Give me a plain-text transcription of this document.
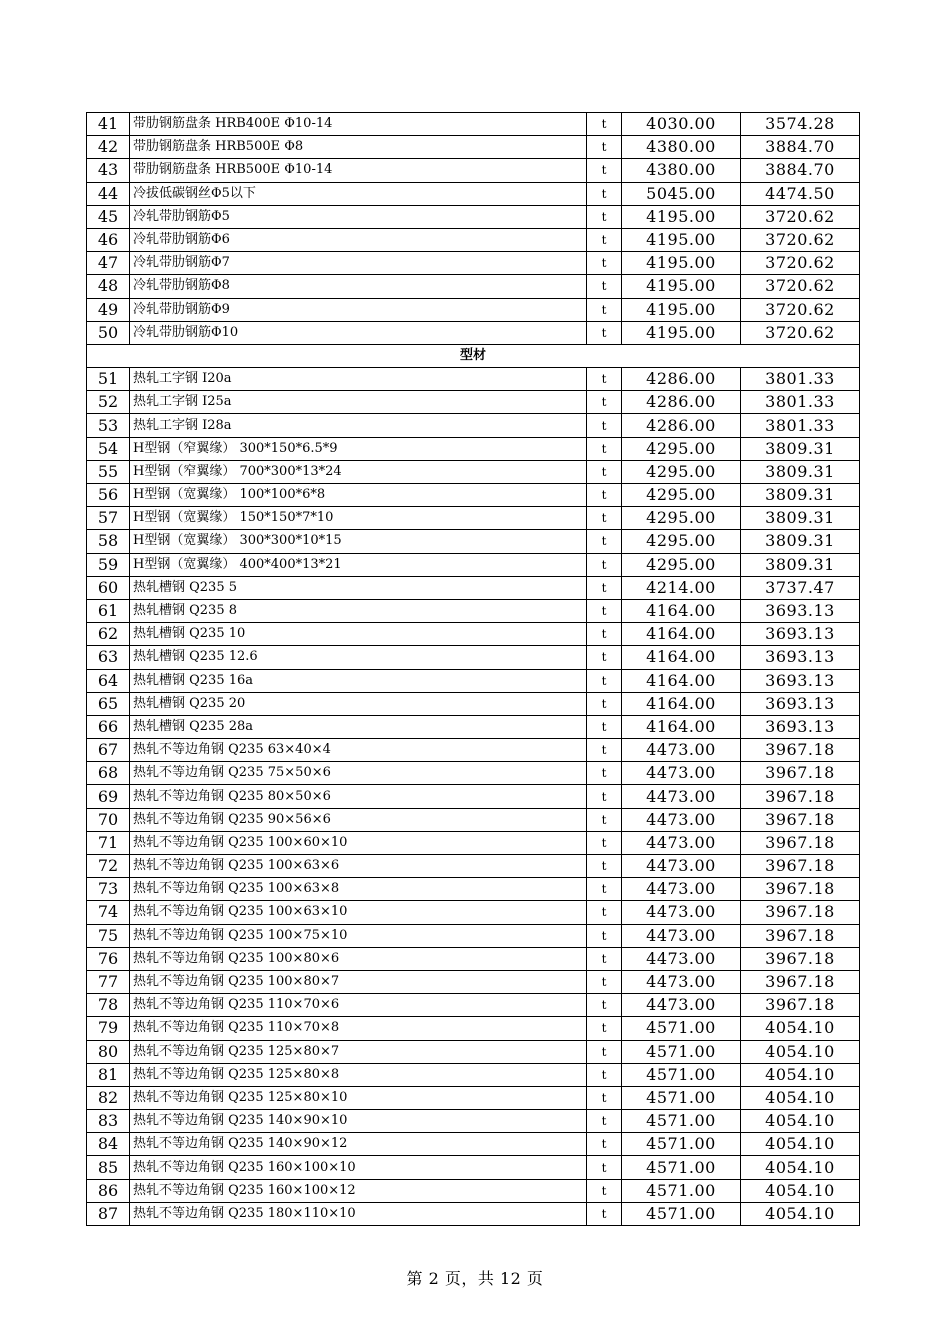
41	带肋钢筋盘条 HRB400E Φ10-14	t	4030.00	3574.28
42	带肋钢筋盘条 HRB500E Φ8	t	4380.00	3884.70
43	带肋钢筋盘条 HRB500E Φ10-14	t	4380.00	3884.70
44	冷拔低碳钢丝Φ5以下	t	5045.00	4474.50
45	冷轧带肋钢筋Φ5	t	4195.00	3720.62
46	冷轧带肋钢筋Φ6	t	4195.00	3720.62
47	冷轧带肋钢筋Φ7	t	4195.00	3720.62
48	冷轧带肋钢筋Φ8	t	4195.00	3720.62
49	冷轧带肋钢筋Φ9	t	4195.00	3720.62
50	冷轧带肋钢筋Φ10	t	4195.00	3720.62
型材				
51	热轧工字钢 I20a	t	4286.00	3801.33
52	热轧工字钢 I25a	t	4286.00	3801.33
53	热轧工字钢 I28a	t	4286.00	3801.33
54	H型钢（窄翼缘） 300*150*6.5*9	t	4295.00	3809.31
55	H型钢（窄翼缘） 700*300*13*24	t	4295.00	3809.31
56	H型钢（宽翼缘） 100*100*6*8	t	4295.00	3809.31
57	H型钢（宽翼缘） 150*150*7*10	t	4295.00	3809.31
58	H型钢（宽翼缘） 300*300*10*15	t	4295.00	3809.31
59	H型钢（宽翼缘） 400*400*13*21	t	4295.00	3809.31
60	热轧槽钢 Q235 5	t	4214.00	3737.47
61	热轧槽钢 Q235 8	t	4164.00	3693.13
62	热轧槽钢 Q235 10	t	4164.00	3693.13
63	热轧槽钢 Q235 12.6	t	4164.00	3693.13
64	热轧槽钢 Q235 16a	t	4164.00	3693.13
65	热轧槽钢 Q235 20	t	4164.00	3693.13
66	热轧槽钢 Q235 28a	t	4164.00	3693.13
67	热轧不等边角钢 Q235 63×40×4	t	4473.00	3967.18
68	热轧不等边角钢 Q235 75×50×6	t	4473.00	3967.18
69	热轧不等边角钢 Q235 80×50×6	t	4473.00	3967.18
70	热轧不等边角钢 Q235 90×56×6	t	4473.00	3967.18
71	热轧不等边角钢 Q235 100×60×10	t	4473.00	3967.18
72	热轧不等边角钢 Q235 100×63×6	t	4473.00	3967.18
73	热轧不等边角钢 Q235 100×63×8	t	4473.00	3967.18
74	热轧不等边角钢 Q235 100×63×10	t	4473.00	3967.18
75	热轧不等边角钢 Q235 100×75×10	t	4473.00	3967.18
76	热轧不等边角钢 Q235 100×80×6	t	4473.00	3967.18
77	热轧不等边角钢 Q235 100×80×7	t	4473.00	3967.18
78	热轧不等边角钢 Q235 110×70×6	t	4473.00	3967.18
79	热轧不等边角钢 Q235 110×70×8	t	4571.00	4054.10
80	热轧不等边角钢 Q235 125×80×7	t	4571.00	4054.10
81	热轧不等边角钢 Q235 125×80×8	t	4571.00	4054.10
82	热轧不等边角钢 Q235 125×80×10	t	4571.00	4054.10
83	热轧不等边角钢 Q235 140×90×10	t	4571.00	4054.10
84	热轧不等边角钢 Q235 140×90×12	t	4571.00	4054.10
85	热轧不等边角钢 Q235 160×100×10	t	4571.00	4054.10
86	热轧不等边角钢 Q235 160×100×12	t	4571.00	4054.10
87	热轧不等边角钢 Q235 180×110×10	t	4571.00	4054.10
第 2 页，共 12 页
